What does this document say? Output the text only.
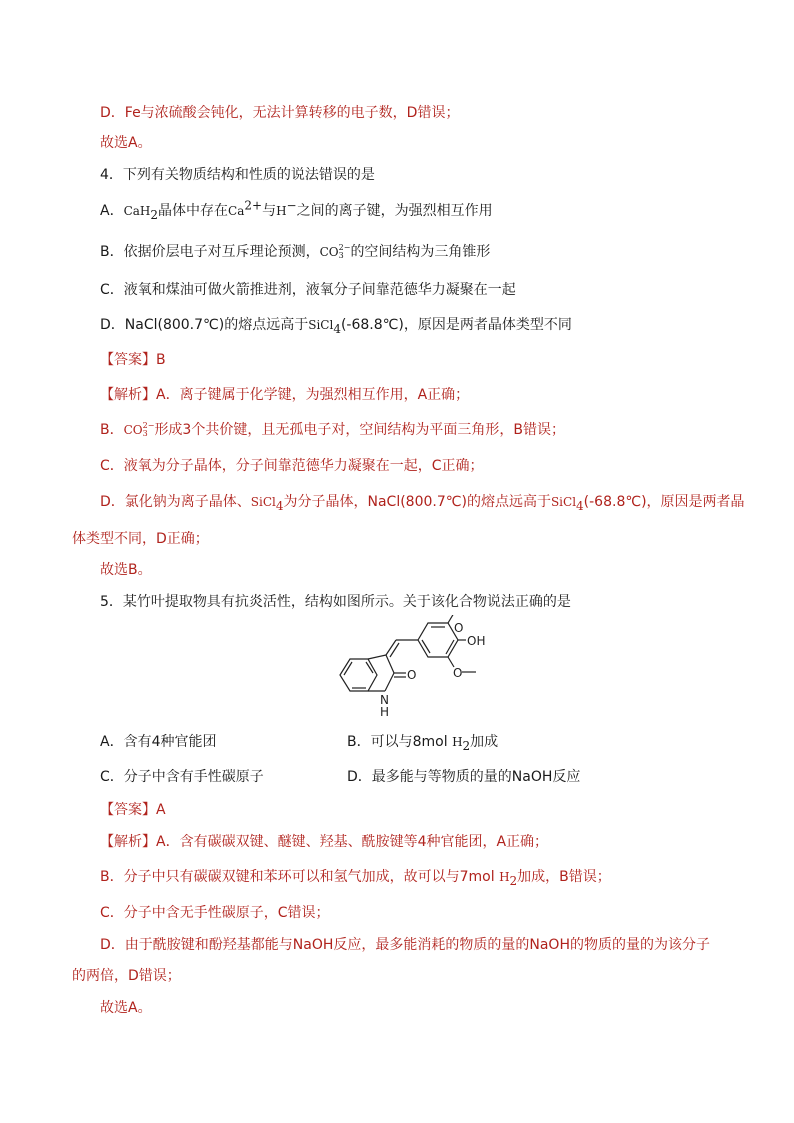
D．Fe与浓硫酸会钝化，无法计算转移的电子数，D错误；
故选A。
4．下列有关物质结构和性质的说法错误的是
A．CaH$_2$晶体中存在$Ca^{2+}$与H−之间的离子键，为强烈相互作用
B．依据价层电子对互斥理论预测，CO 2−
3 的空间结构为三角锥形
C．液氧和煤油可做火箭推进剂，液氧分子间靠范德华力凝聚在一起
D．NaCl(800.7℃)的熔点远高于SiCl$_4$(-68.8℃)，原因是两者晶体类型不同
【答案】B
【解析】A．离子键属于化学键，为强烈相互作用，A正确；
B．CO 2−
3 形成3个共价键，且无孤电子对，空间结构为平面三角形，B错误；
C．液氧为分子晶体，分子间靠范德华力凝聚在一起，C正确；
D．氯化钠为离子晶体、SiCl$_4$为分子晶体，NaCl(800.7℃)的熔点远高于SiCl$_4$(-68.8℃)，原因是两者晶
体类型不同，D正确；
故选B。
5．某竹叶提取物具有抗炎活性，结构如图所示。关于该化合物说法正确的是
O
OH
O
O
N
H
A．含有4种官能团	B．可以与8mol $H_2$加成
C．分子中含有手性碳原子	D．最多能与等物质的量的NaOH反应
【答案】A
【解析】A．含有碳碳双键、醚键、羟基、酰胺键等4种官能团，A正确；
B．分子中只有碳碳双键和苯环可以和氢气加成，故可以与7mol $H_2$加成，B错误；
C．分子中含无手性碳原子，C错误；
D．由于酰胺键和酚羟基都能与NaOH反应，最多能消耗的物质的量的NaOH的物质的量的为该分子
的两倍，D错误；
故选A。
